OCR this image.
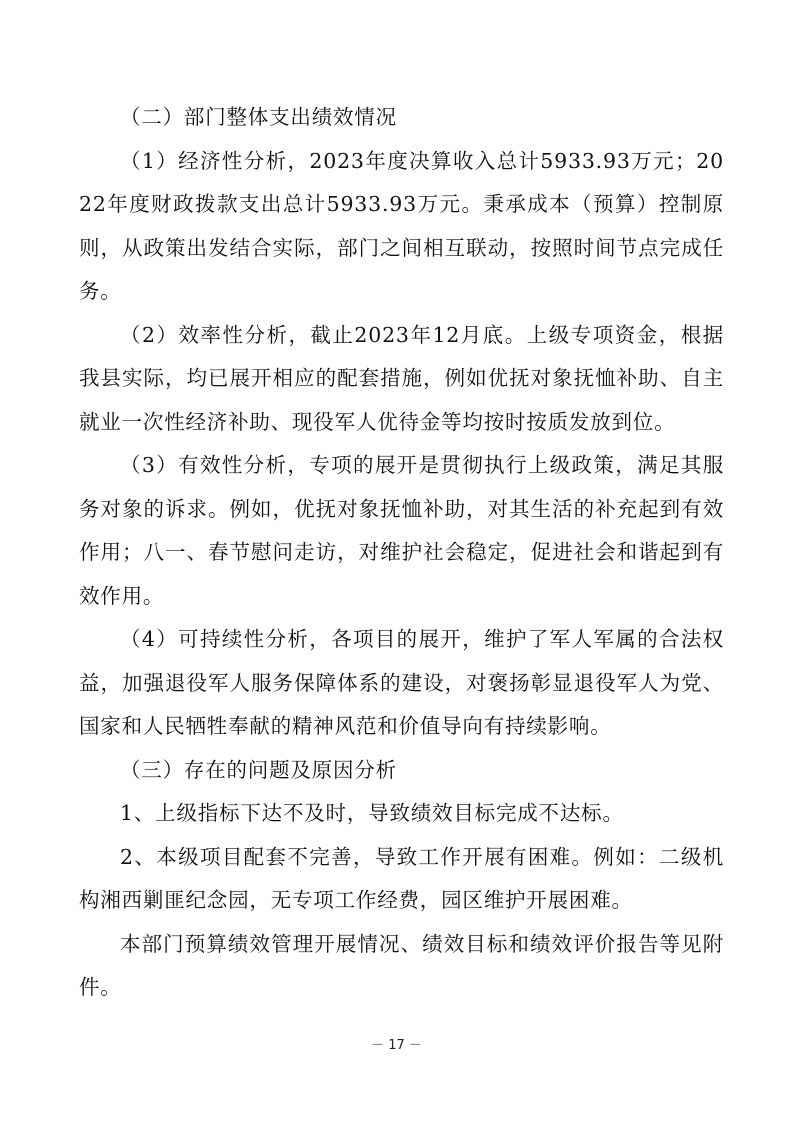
（二）部门整体支出绩效情况

（1）经济性分析，2023年度决算收入总计5933.93万元；2022年度财政拨款支出总计5933.93万元。秉承成本（预算）控制原则，从政策出发结合实际，部门之间相互联动，按照时间节点完成任务。

（2）效率性分析，截止2023年12月底。上级专项资金，根据我县实际，均已展开相应的配套措施，例如优抚对象抚恤补助、自主就业一次性经济补助、现役军人优待金等均按时按质发放到位。

（3）有效性分析，专项的展开是贯彻执行上级政策，满足其服务对象的诉求。例如，优抚对象抚恤补助，对其生活的补充起到有效作用；八一、春节慰问走访，对维护社会稳定，促进社会和谐起到有效作用。

（4）可持续性分析，各项目的展开，维护了军人军属的合法权益，加强退役军人服务保障体系的建设，对褒扬彰显退役军人为党、国家和人民牺牲奉献的精神风范和价值导向有持续影响。

（三）存在的问题及原因分析

1、上级指标下达不及时，导致绩效目标完成不达标。

2、本级项目配套不完善，导致工作开展有困难。例如：二级机构湘西剿匪纪念园，无专项工作经费，园区维护开展困难。

本部门预算绩效管理开展情况、绩效目标和绩效评价报告等见附件。

－ 17 －
